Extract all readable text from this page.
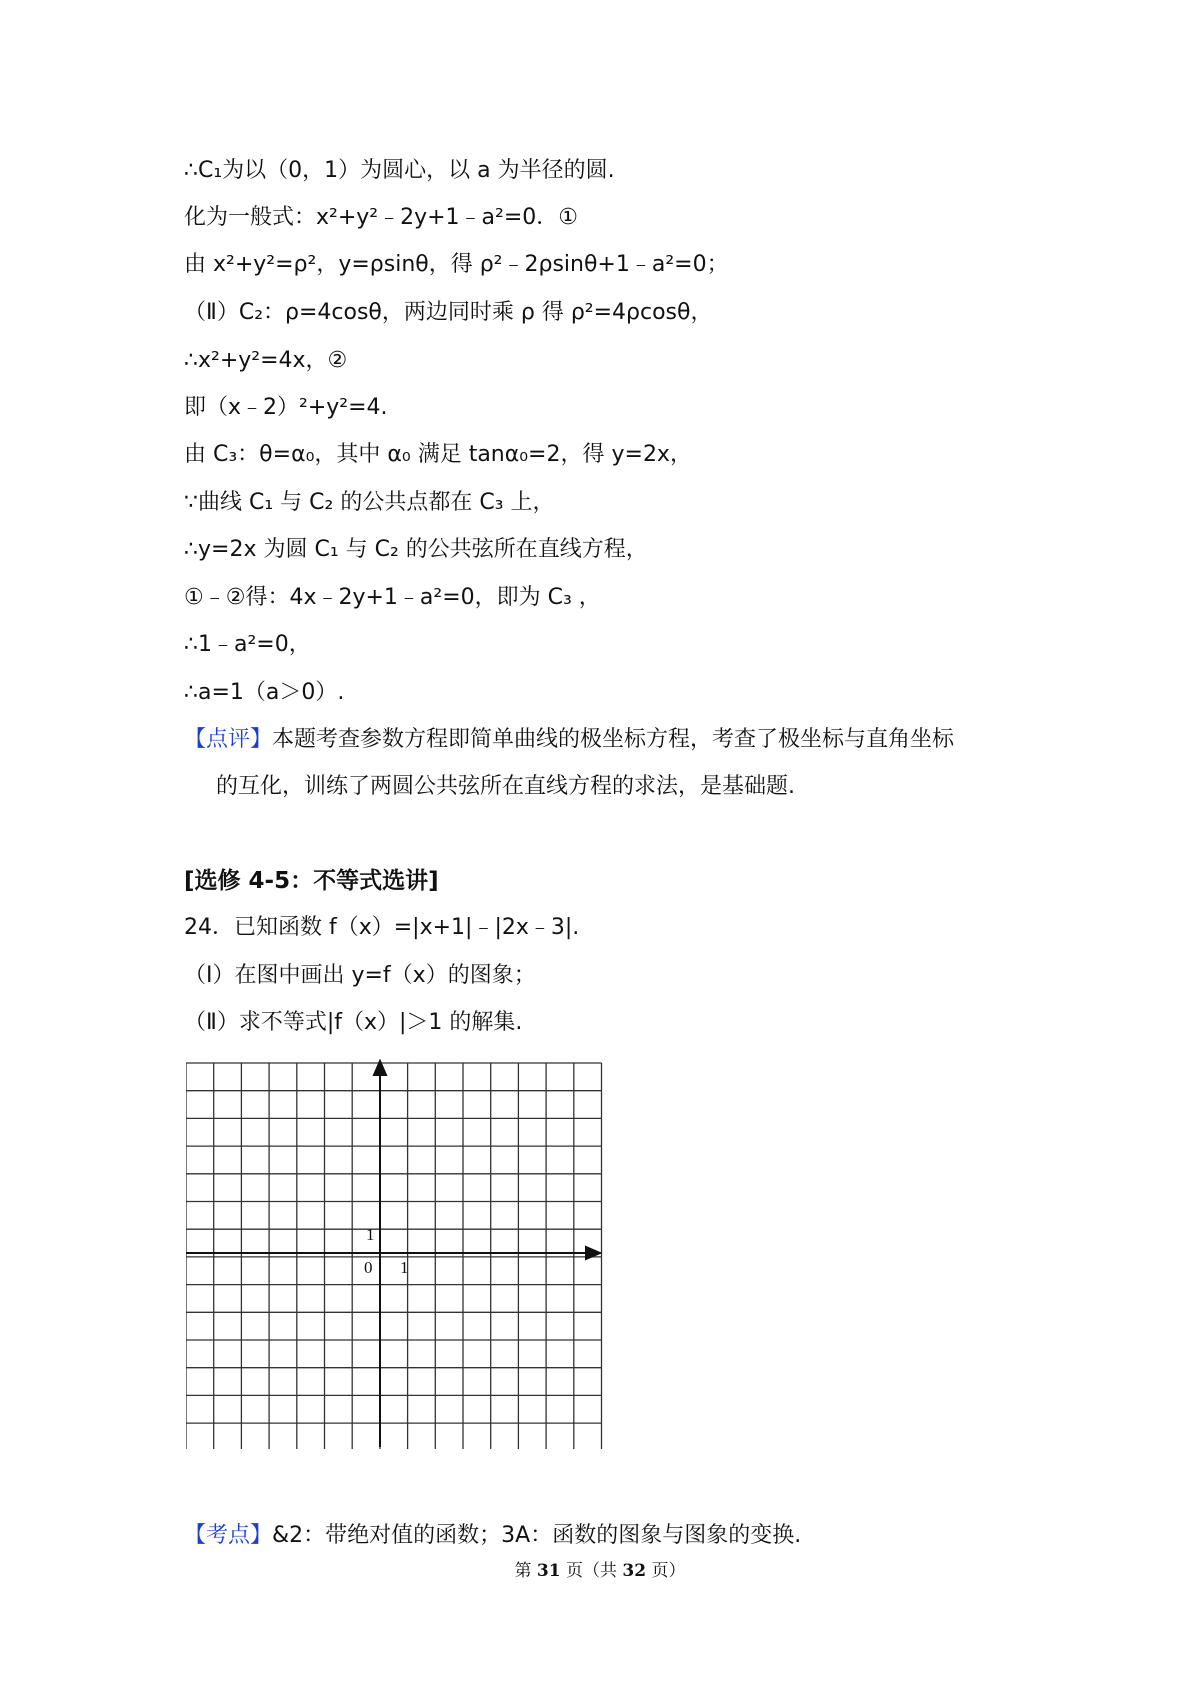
∴C₁为以（0，1）为圆心，以 a 为半径的圆.
化为一般式：x²+y²﹣2y+1﹣a²=0．①
由 x²+y²=ρ²，y=ρsinθ，得 ρ²﹣2ρsinθ+1﹣a²=0；
（Ⅱ）C₂：ρ=4cosθ，两边同时乘 ρ 得 ρ²=4ρcosθ，
∴x²+y²=4x，②
即（x﹣2）²+y²=4.
由 C₃：θ=α₀，其中 α₀ 满足 tanα₀=2，得 y=2x，
∵曲线 C₁ 与 C₂ 的公共点都在 C₃ 上，
∴y=2x 为圆 C₁ 与 C₂ 的公共弦所在直线方程，
①﹣②得：4x﹣2y+1﹣a²=0，即为 C₃ ，
∴1﹣a²=0，
∴a=1（a＞0）.
【点评】本题考查参数方程即简单曲线的极坐标方程，考查了极坐标与直角坐标
的互化，训练了两圆公共弦所在直线方程的求法，是基础题.
[选修 4-5：不等式选讲]
24．已知函数 f（x）=|x+1|﹣|2x﹣3|.
（Ⅰ）在图中画出 y=f（x）的图象；
（Ⅱ）求不等式|f（x）|＞1 的解集.
0 1
1
【考点】&2：带绝对值的函数；3A：函数的图象与图象的变换.
第 31 页（共 32 页）
